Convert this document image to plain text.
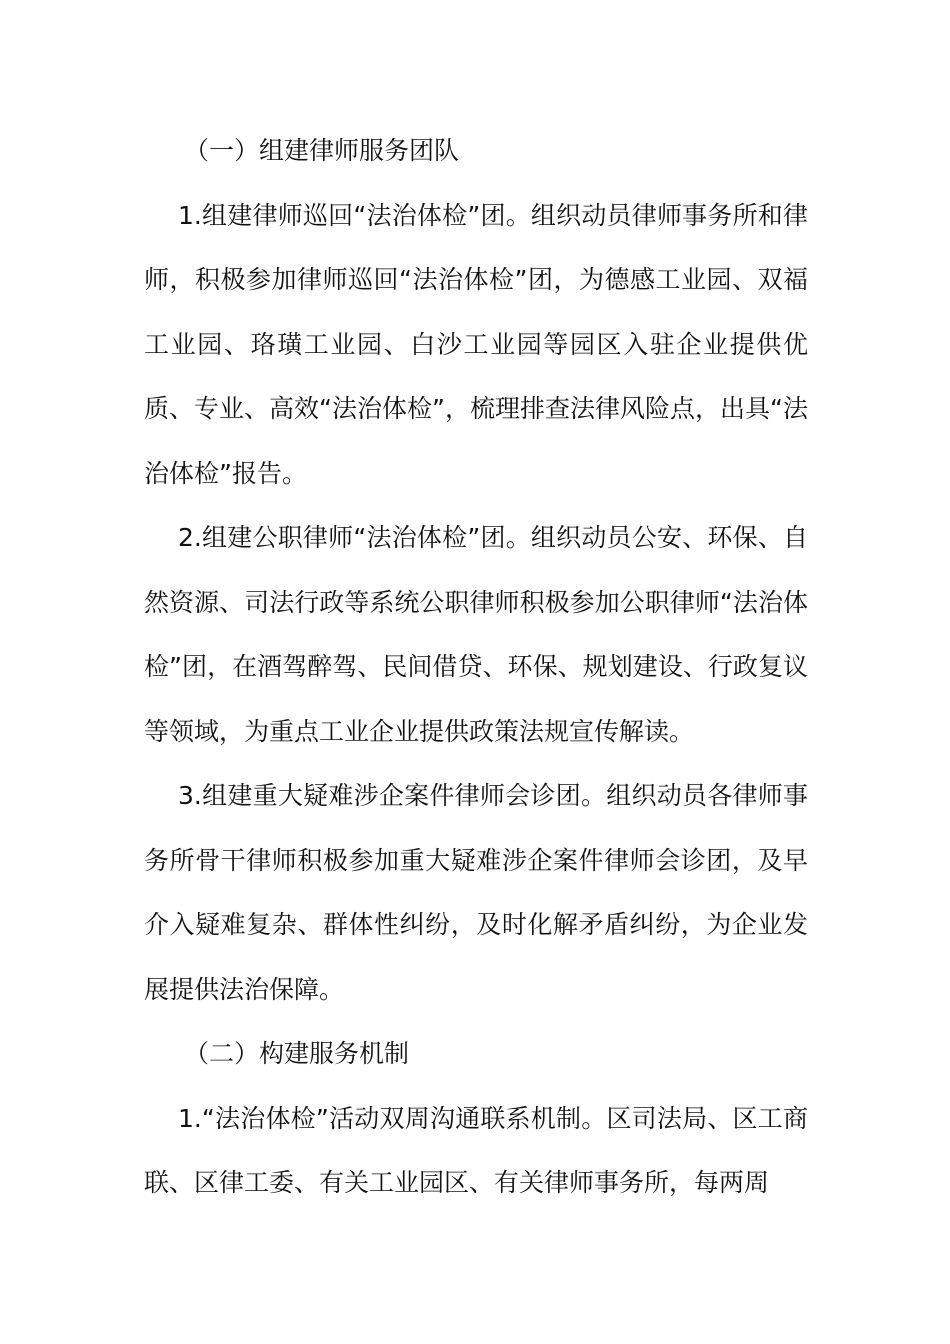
（一）组建律师服务团队

1.组建律师巡回“法治体检”团。组织动员律师事务所和律师，积极参加律师巡回“法治体检”团，为德感工业园、双福工业园、珞璜工业园、白沙工业园等园区入驻企业提供优质、专业、高效“法治体检”，梳理排查法律风险点，出具“法治体检”报告。

2.组建公职律师“法治体检”团。组织动员公安、环保、自然资源、司法行政等系统公职律师积极参加公职律师“法治体检”团，在酒驾醉驾、民间借贷、环保、规划建设、行政复议等领域，为重点工业企业提供政策法规宣传解读。

3.组建重大疑难涉企案件律师会诊团。组织动员各律师事务所骨干律师积极参加重大疑难涉企案件律师会诊团，及早介入疑难复杂、群体性纠纷，及时化解矛盾纠纷，为企业发展提供法治保障。

（二）构建服务机制

1.“法治体检”活动双周沟通联系机制。区司法局、区工商联、区律工委、有关工业园区、有关律师事务所，每两周
